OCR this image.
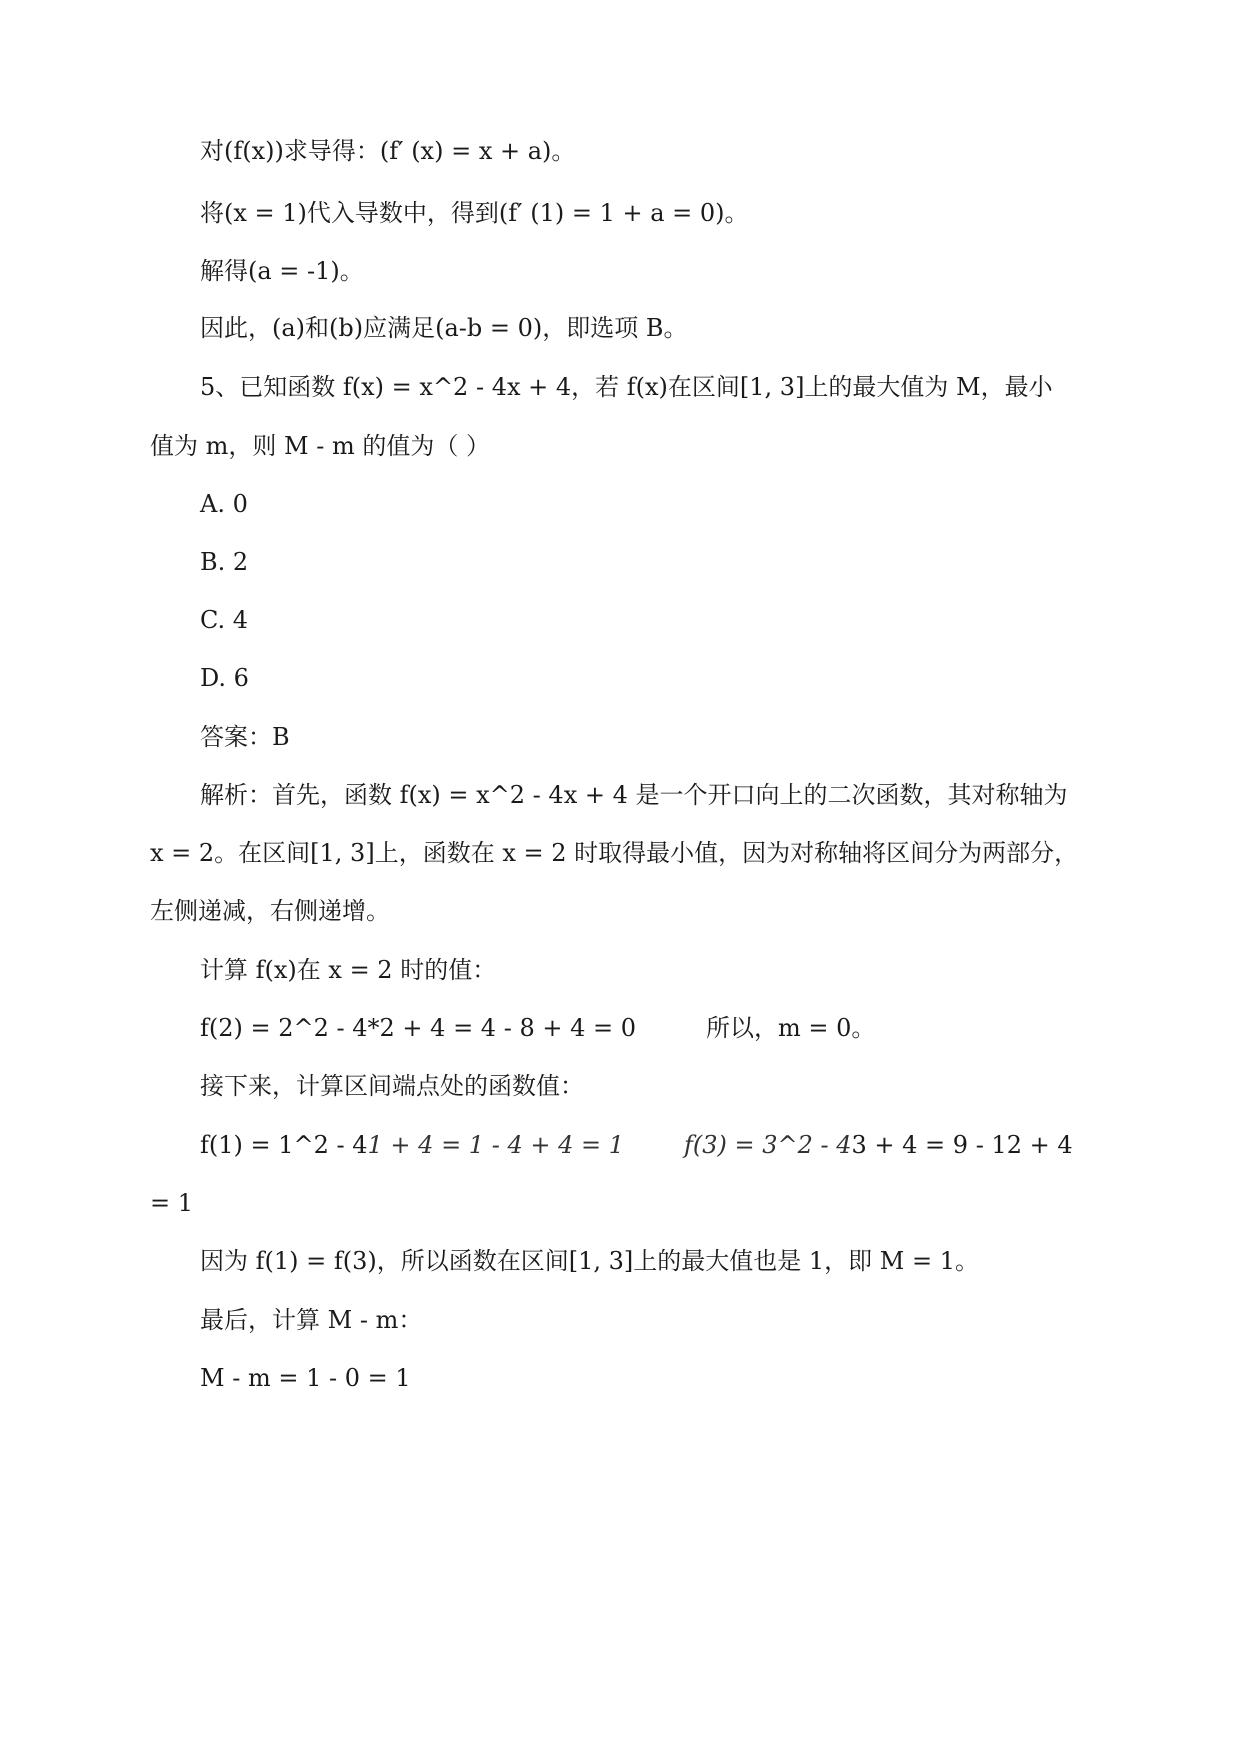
对(f(x))求导得：(f′ (x) = x + a)。
将(x = 1)代入导数中，得到(f′ (1) = 1 + a = 0)。
解得(a = -1)。
因此，(a)和(b)应满足(a-b = 0)，即选项 B。
5、已知函数 f(x) = x^2 - 4x + 4，若 f(x)在区间[1, 3]上的最大值为 M，最小
值为 m，则 M - m 的值为（ ）
A. 0
B. 2
C. 4
D. 6
答案：B
解析：首先，函数 f(x) = x^2 - 4x + 4 是一个开口向上的二次函数，其对称轴为
x = 2。在区间[1, 3]上，函数在 x = 2 时取得最小值，因为对称轴将区间分为两部分，
左侧递减，右侧递增。
计算 f(x)在 x = 2 时的值：
f(2) = 2^2 - 4*2 + 4 = 4 - 8 + 4 = 0	所以，m = 0。
接下来，计算区间端点处的函数值：
f(1) = 1^2 - 41 + 4 = 1 - 4 + 4 = 1	f(3) = 3^2 - 43 + 4 = 9 - 12 + 4
= 1
因为 f(1) = f(3)，所以函数在区间[1, 3]上的最大值也是 1，即 M = 1。
最后，计算 M - m：
M - m = 1 - 0 = 1
